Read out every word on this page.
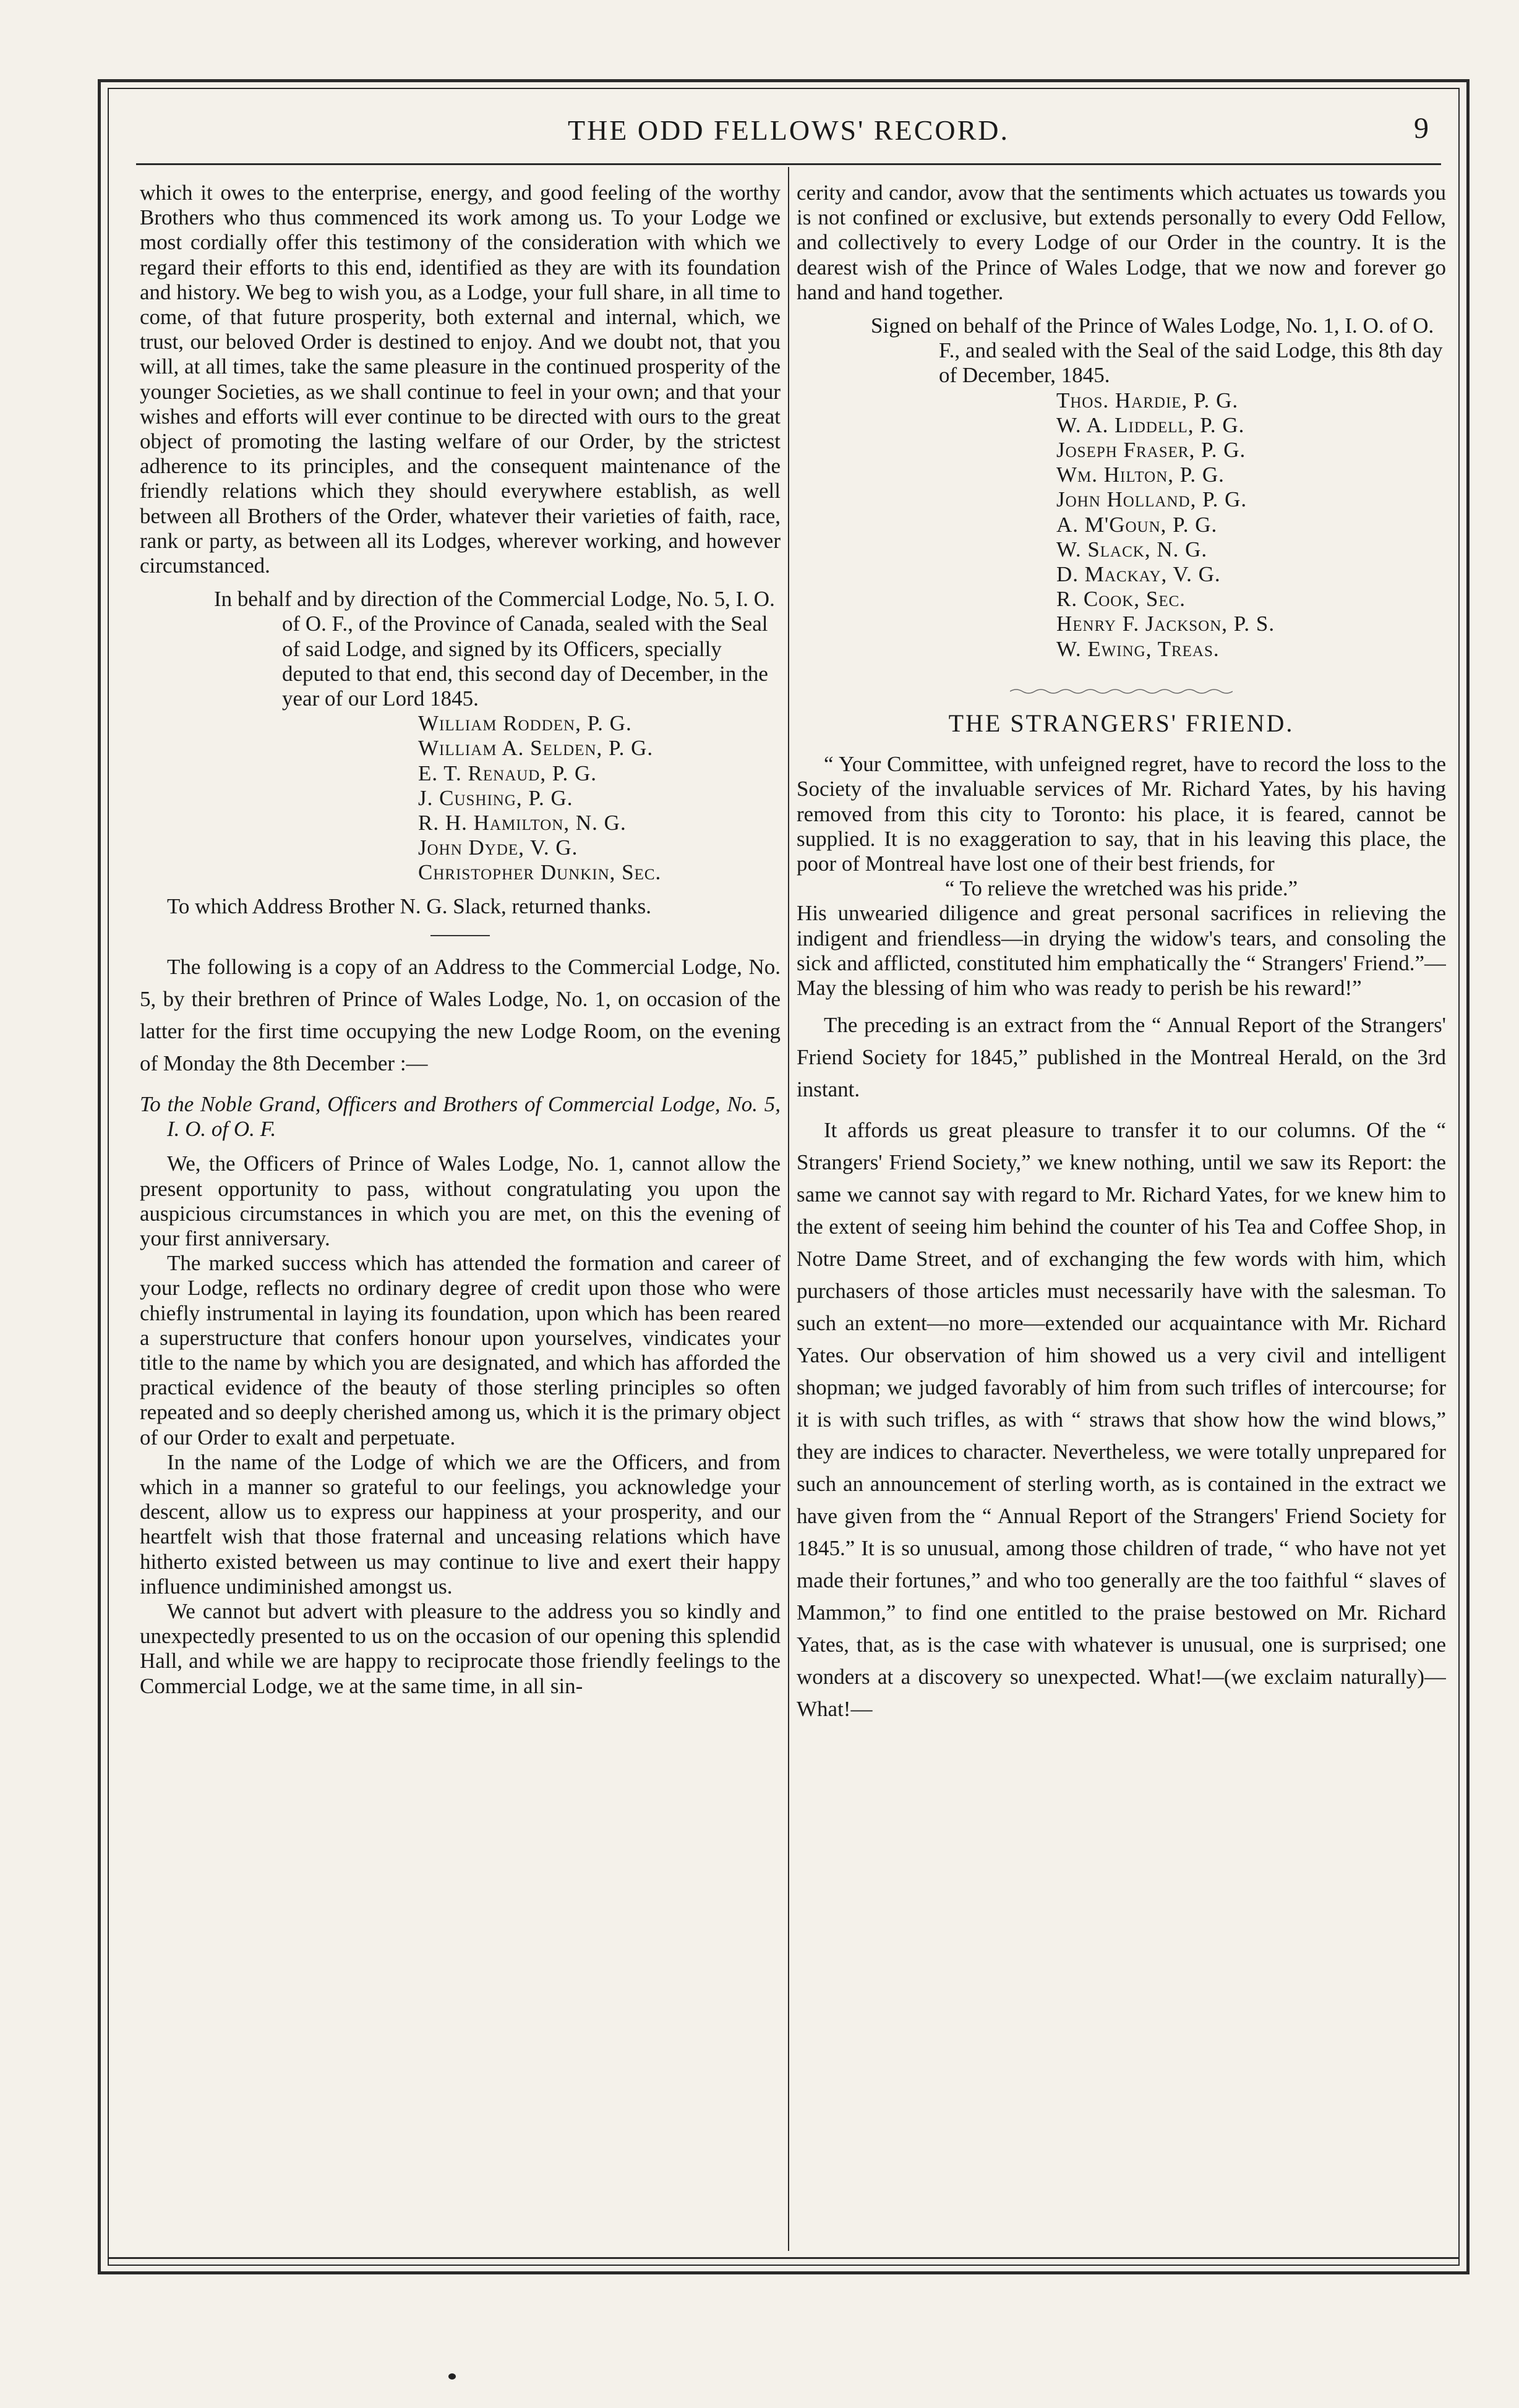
THE ODD FELLOWS' RECORD.	9

which it owes to the enterprise, energy, and good feeling of the worthy Brothers who thus commenced its work among us. To your Lodge we most cordially offer this testimony of the consideration with which we regard their efforts to this end, identified as they are with its foundation and history. We beg to wish you, as a Lodge, your full share, in all time to come, of that future prosperity, both external and internal, which, we trust, our beloved Order is destined to enjoy. And we doubt not, that you will, at all times, take the same pleasure in the continued prosperity of the younger Societies, as we shall continue to feel in your own; and that your wishes and efforts will ever continue to be directed with ours to the great object of promoting the lasting welfare of our Order, by the strictest adherence to its principles, and the consequent maintenance of the friendly relations which they should everywhere establish, as well between all Brothers of the Order, whatever their varieties of faith, race, rank or party, as between all its Lodges, wherever working, and however circumstanced.

In behalf and by direction of the Commercial Lodge, No. 5, I. O. of O. F., of the Province of Canada, sealed with the Seal of said Lodge, and signed by its Officers, specially deputed to that end, this second day of December, in the year of our Lord 1845.

William Rodden, P. G.
William A. Selden, P. G.
E. T. Renaud, P. G.
J. Cushing, P. G.
R. H. Hamilton, N. G.
John Dyde, V. G.
Christopher Dunkin, Sec.

To which Address Brother N. G. Slack, returned thanks.

The following is a copy of an Address to the Commercial Lodge, No. 5, by their brethren of Prince of Wales Lodge, No. 1, on occasion of the latter for the first time occupying the new Lodge Room, on the evening of Monday the 8th December :—

To the Noble Grand, Officers and Brothers of Commercial Lodge, No. 5, I. O. of O. F.

We, the Officers of Prince of Wales Lodge, No. 1, cannot allow the present opportunity to pass, without congratulating you upon the auspicious circumstances in which you are met, on this the evening of your first anniversary.

The marked success which has attended the formation and career of your Lodge, reflects no ordinary degree of credit upon those who were chiefly instrumental in laying its foundation, upon which has been reared a superstructure that confers honour upon yourselves, vindicates your title to the name by which you are designated, and which has afforded the practical evidence of the beauty of those sterling principles so often repeated and so deeply cherished among us, which it is the primary object of our Order to exalt and perpetuate.

In the name of the Lodge of which we are the Officers, and from which in a manner so grateful to our feelings, you acknowledge your descent, allow us to express our happiness at your prosperity, and our heartfelt wish that those fraternal and unceasing relations which have hitherto existed between us may continue to live and exert their happy influence undiminished amongst us.

We cannot but advert with pleasure to the address you so kindly and unexpectedly presented to us on the occasion of our opening this splendid Hall, and while we are happy to reciprocate those friendly feelings to the Commercial Lodge, we at the same time, in all sin-

cerity and candor, avow that the sentiments which actuates us towards you is not confined or exclusive, but extends personally to every Odd Fellow, and collectively to every Lodge of our Order in the country. It is the dearest wish of the Prince of Wales Lodge, that we now and forever go hand and hand together.

Signed on behalf of the Prince of Wales Lodge, No. 1, I. O. of O. F., and sealed with the Seal of the said Lodge, this 8th day of December, 1845.

Thos. Hardie, P. G.
W. A. Liddell, P. G.
Joseph Fraser, P. G.
Wm. Hilton, P. G.
John Holland, P. G.
A. M'Goun, P. G.
W. Slack, N. G.
D. Mackay, V. G.
R. Cook, Sec.
Henry F. Jackson, P. S.
W. Ewing, Treas.
THE STRANGERS' FRIEND.

“ Your Committee, with unfeigned regret, have to record the loss to the Society of the invaluable services of Mr. Richard Yates, by his having removed from this city to Toronto: his place, it is feared, cannot be supplied. It is no exaggeration to say, that in his leaving this place, the poor of Montreal have lost one of their best friends, for

“ To relieve the wretched was his pride.”

His unwearied diligence and great personal sacrifices in relieving the indigent and friendless—in drying the widow's tears, and consoling the sick and afflicted, constituted him emphatically the “ Strangers' Friend.”—May the blessing of him who was ready to perish be his reward!”

The preceding is an extract from the “ Annual Report of the Strangers' Friend Society for 1845,” published in the Montreal Herald, on the 3rd instant.

It affords us great pleasure to transfer it to our columns. Of the “ Strangers' Friend Society,” we knew nothing, until we saw its Report: the same we cannot say with regard to Mr. Richard Yates, for we knew him to the extent of seeing him behind the counter of his Tea and Coffee Shop, in Notre Dame Street, and of exchanging the few words with him, which purchasers of those articles must necessarily have with the salesman. To such an extent—no more—extended our acquaintance with Mr. Richard Yates. Our observation of him showed us a very civil and intelligent shopman; we judged favorably of him from such trifles of intercourse; for it is with such trifles, as with “ straws that show how the wind blows,” they are indices to character. Nevertheless, we were totally unprepared for such an announcement of sterling worth, as is contained in the extract we have given from the “ Annual Report of the Strangers' Friend Society for 1845.” It is so unusual, among those children of trade, “ who have not yet made their fortunes,” and who too generally are the too faithful “ slaves of Mammon,” to find one entitled to the praise bestowed on Mr. Richard Yates, that, as is the case with whatever is unusual, one is surprised; one wonders at a discovery so unexpected. What!—(we exclaim naturally)—What!—
